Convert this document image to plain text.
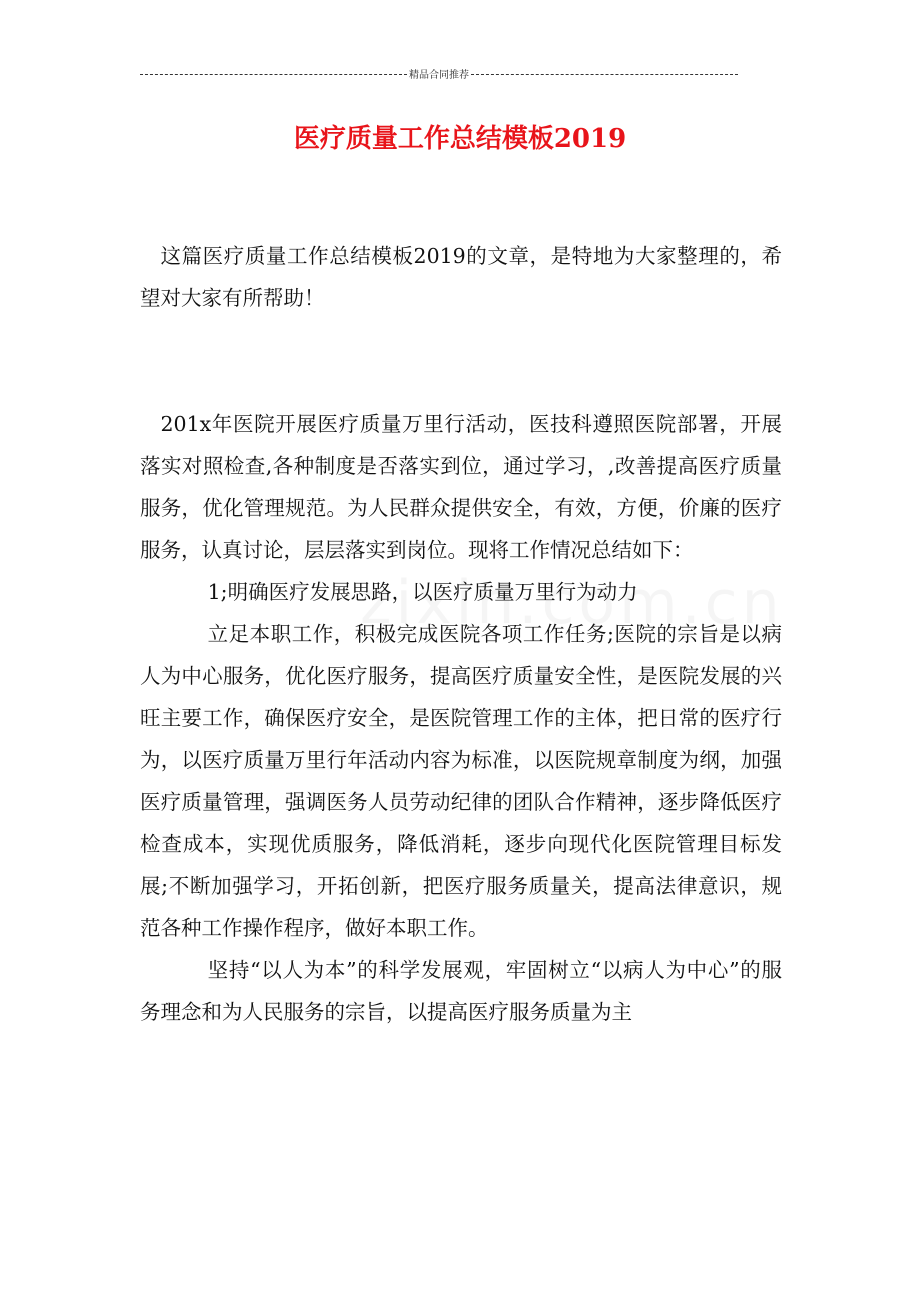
精品合同推荐
医疗质量工作总结模板2019

这篇医疗质量工作总结模板2019的文章，是特地为大家整理的，希望对大家有所帮助！

201x年医院开展医疗质量万里行活动，医技科遵照医院部署，开展落实对照检查,各种制度是否落实到位，通过学习，,改善提高医疗质量服务，优化管理规范。为人民群众提供安全，有效，方便，价廉的医疗服务，认真讨论，层层落实到岗位。现将工作情况总结如下：

1;明确医疗发展思路，以医疗质量万里行为动力

立足本职工作，积极完成医院各项工作任务;医院的宗旨是以病人为中心服务，优化医疗服务，提高医疗质量安全性，是医院发展的兴旺主要工作，确保医疗安全，是医院管理工作的主体，把日常的医疗行为，以医疗质量万里行年活动内容为标准，以医院规章制度为纲，加强医疗质量管理，强调医务人员劳动纪律的团队合作精神，逐步降低医疗检查成本，实现优质服务，降低消耗，逐步向现代化医院管理目标发展;不断加强学习，开拓创新，把医疗服务质量关，提高法律意识，规范各种工作操作程序，做好本职工作。

坚持“以人为本”的科学发展观，牢固树立“以病人为中心”的服务理念和为人民服务的宗旨，以提高医疗服务质量为主
